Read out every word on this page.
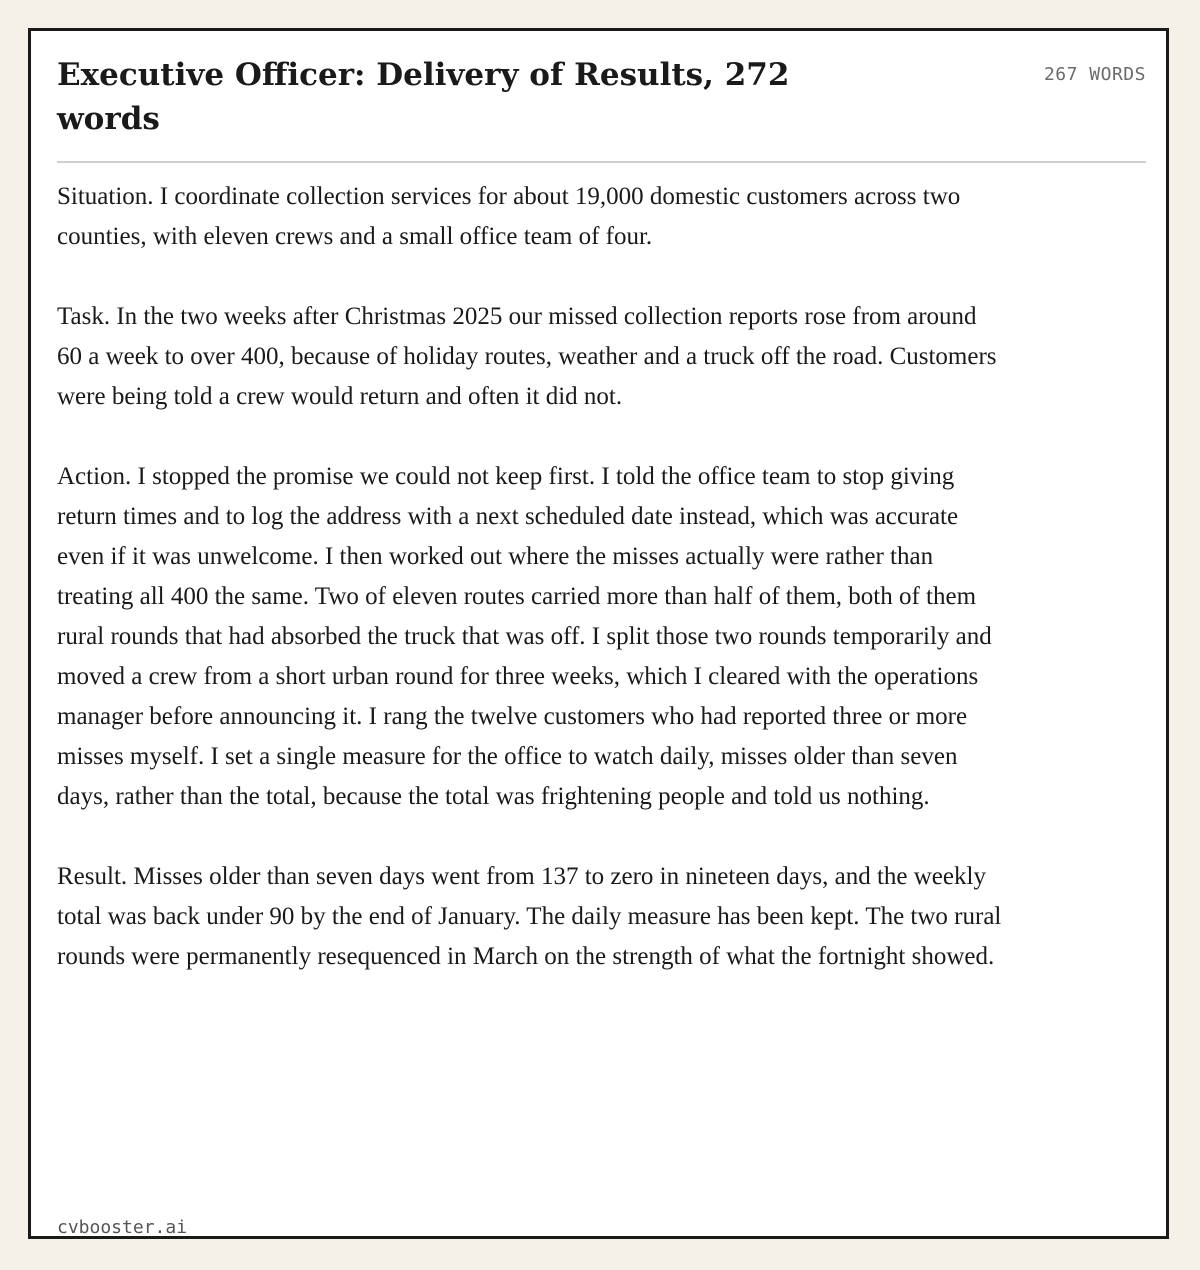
Executive Officer: Delivery of Results, 272 words
267 WORDS

Situation. I coordinate collection services for about 19,000 domestic customers across two counties, with eleven crews and a small office team of four.

Task. In the two weeks after Christmas 2025 our missed collection reports rose from around 60 a week to over 400, because of holiday routes, weather and a truck off the road. Customers were being told a crew would return and often it did not.

Action. I stopped the promise we could not keep first. I told the office team to stop giving return times and to log the address with a next scheduled date instead, which was accurate even if it was unwelcome. I then worked out where the misses actually were rather than treating all 400 the same. Two of eleven routes carried more than half of them, both of them rural rounds that had absorbed the truck that was off. I split those two rounds temporarily and moved a crew from a short urban round for three weeks, which I cleared with the operations manager before announcing it. I rang the twelve customers who had reported three or more misses myself. I set a single measure for the office to watch daily, misses older than seven days, rather than the total, because the total was frightening people and told us nothing.

Result. Misses older than seven days went from 137 to zero in nineteen days, and the weekly total was back under 90 by the end of January. The daily measure has been kept. The two rural rounds were permanently resequenced in March on the strength of what the fortnight showed.

cvbooster.ai
